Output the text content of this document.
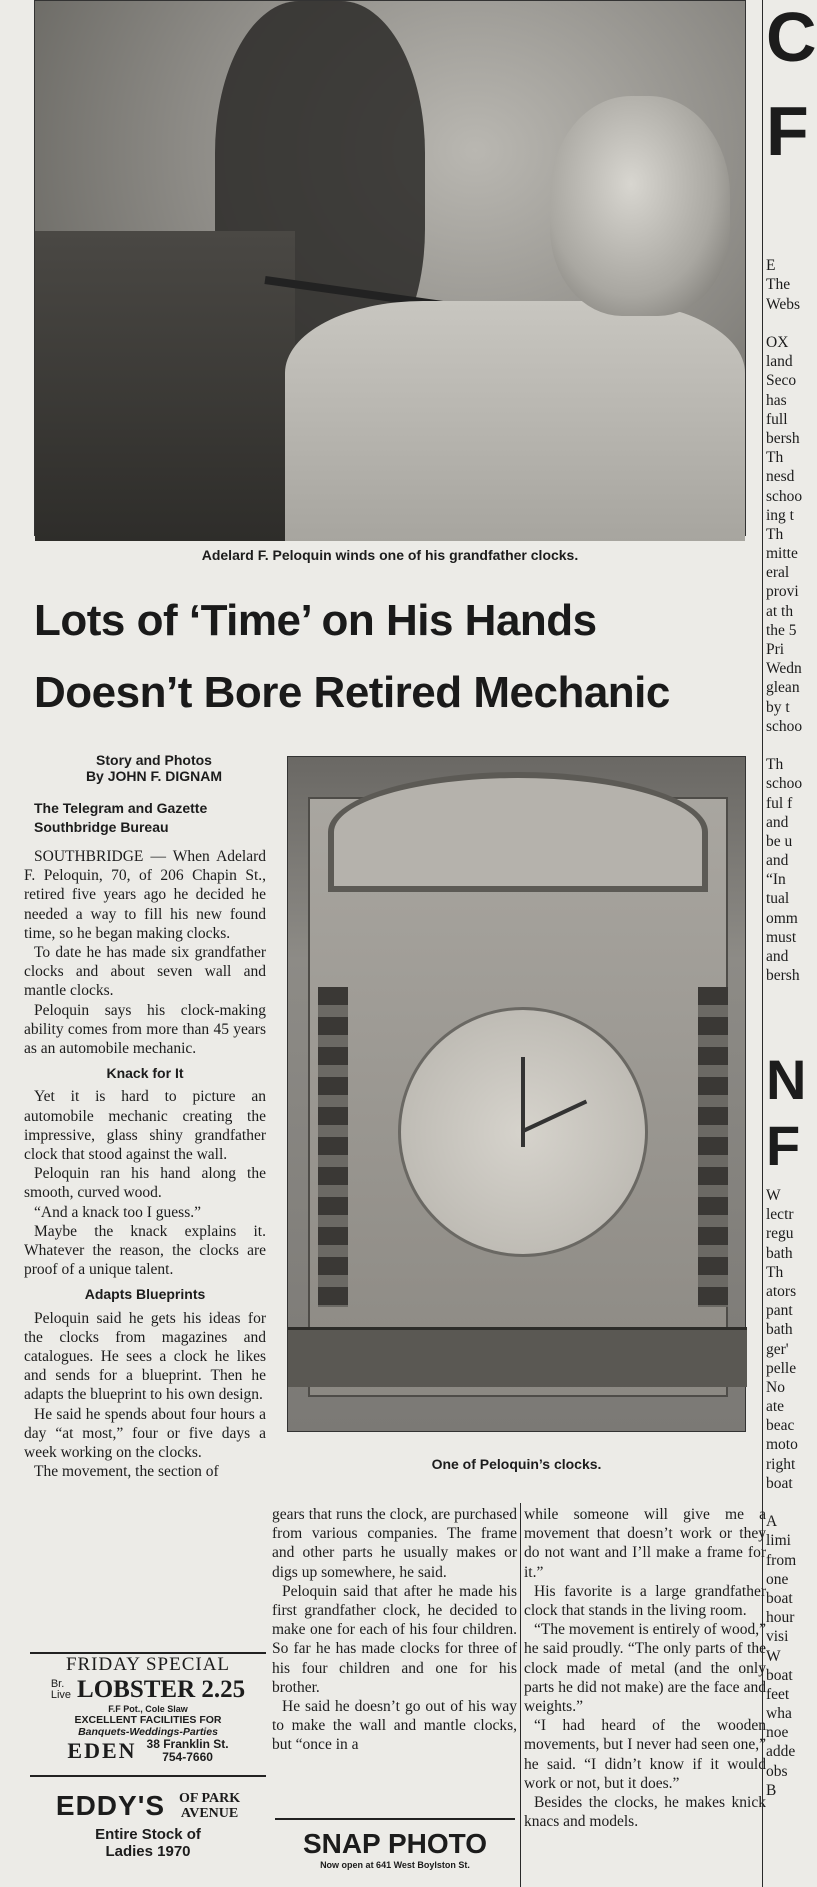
Adelard F. Peloquin winds one of his grandfather clocks.
Lots of ‘Time’ on His Hands
Doesn’t Bore Retired Mechanic
Story and Photos
By JOHN F. DIGNAM
The Telegram and Gazette
Southbridge Bureau

SOUTHBRIDGE — When Adelard F. Peloquin, 70, of 206 Chapin St., retired five years ago he decided he needed a way to fill his new found time, so he began making clocks.

To date he has made six grandfather clocks and about seven wall and mantle clocks.

Peloquin says his clock-making ability comes from more than 45 years as an automobile mechanic.

Knack for It

Yet it is hard to picture an automobile mechanic creating the impressive, glass shiny grandfather clock that stood against the wall.

Peloquin ran his hand along the smooth, curved wood.

“And a knack too I guess.”

Maybe the knack explains it. Whatever the reason, the clocks are proof of a unique talent.

Adapts Blueprints

Peloquin said he gets his ideas for the clocks from magazines and catalogues. He sees a clock he likes and sends for a blueprint. Then he adapts the blueprint to his own design.

He said he spends about four hours a day “at most,” four or five days a week working on the clocks.

The movement, the section of	One of Peloquin’s clocks.

gears that runs the clock, are purchased from various companies. The frame and other parts he usually makes or digs up somewhere, he said.

Peloquin said that after he made his first grandfather clock, he decided to make one for each of his four children. So far he has made clocks for three of his four children and one for his brother.

He said he doesn’t go out of his way to make the wall and mantle clocks, but “once in a

while someone will give me a movement that doesn’t work or they do not want and I’ll make a frame for it.”

His favorite is a large grandfather clock that stands in the living room.

“The movement is entirely of wood,” he said proudly. “The only parts of the clock made of metal (and the only parts he did not make) are the face and weights.”

“I had heard of the wooden movements, but I never had seen one,” he said. “I didn’t know if it would work or not, but it does.”

Besides the clocks, he makes knick knacs and models.

FRIDAY SPECIAL
Br.
Live LOBSTER 2.25
F.F Pot., Cole Slaw
EXCELLENT FACILITIES FOR
Banquets-Weddings-Parties
EDEN 38 Franklin St.
754-7660
EDDY'S OF PARK
AVENUE
Entire Stock of
Ladies 1970	SNAP PHOTO
Now open at 641 West Boylston St.
C
F
E
The
Webs
OX
land
Seco
has
full
bersh
Th
nesd
schoo
ing t
Th
mitte
eral
provi
at th
the 5
Pri
Wedn
glean
by t
schoo
Th
schoo
ful f
and
be u
and
“In
tual
omm
must
and
bersh
N
F
W
lectr
regu
bath
Th
ators
pant
bath
ger'
pelle
No
ate
beac
moto
right
boat
A
limi
from
one
boat
hour
visi
W
boat
feet
wha
noe
adde
obs
B
